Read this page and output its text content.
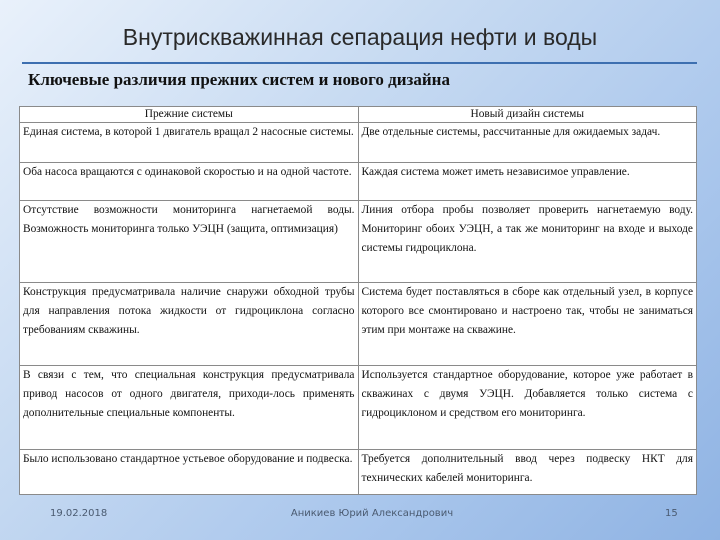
Внутрискважинная сепарация нефти и воды
Ключевые различия прежних систем и нового дизайна
Прежние системы	Новый дизайн системы
Единая система, в которой 1 двигатель вращал 2 насосные системы.	Две отдельные системы, рассчитанные для ожидаемых задач.
Оба насоса вращаются с одинаковой скоростью и на одной частоте.	Каждая система может иметь независимое управление.
Отсутствие возможности мониторинга нагнетаемой воды. Возможность мониторинга только УЭЦН (защита, оптимизация)	Линия отбора пробы позволяет проверить нагнетаемую воду. Мониторинг обоих УЭЦН, а так же мониторинг на входе и выходе системы гидроциклона.
Конструкция предусматривала наличие снаружи обходной трубы для направления потока жидкости от гидроциклона согласно требованиям скважины.	Система будет поставляться в сборе как отдельный узел, в корпусе которого все смонтировано и настроено так, чтобы не заниматься этим при монтаже на скважине.
В связи с тем, что специальная конструкция предусматривала привод насосов от одного двигателя, приходи-лось применять дополнительные специальные компоненты.	Используется стандартное оборудование, которое уже работает в скважинах с двумя УЭЦН. Добавляется только система с гидроциклоном и средством его мониторинга.
Было использовано стандартное устьевое оборудование и подвеска.	Требуется дополнительный ввод через подвеску НКТ для технических кабелей мониторинга.
19.02.2018	Аникиев Юрий Александрович	15
